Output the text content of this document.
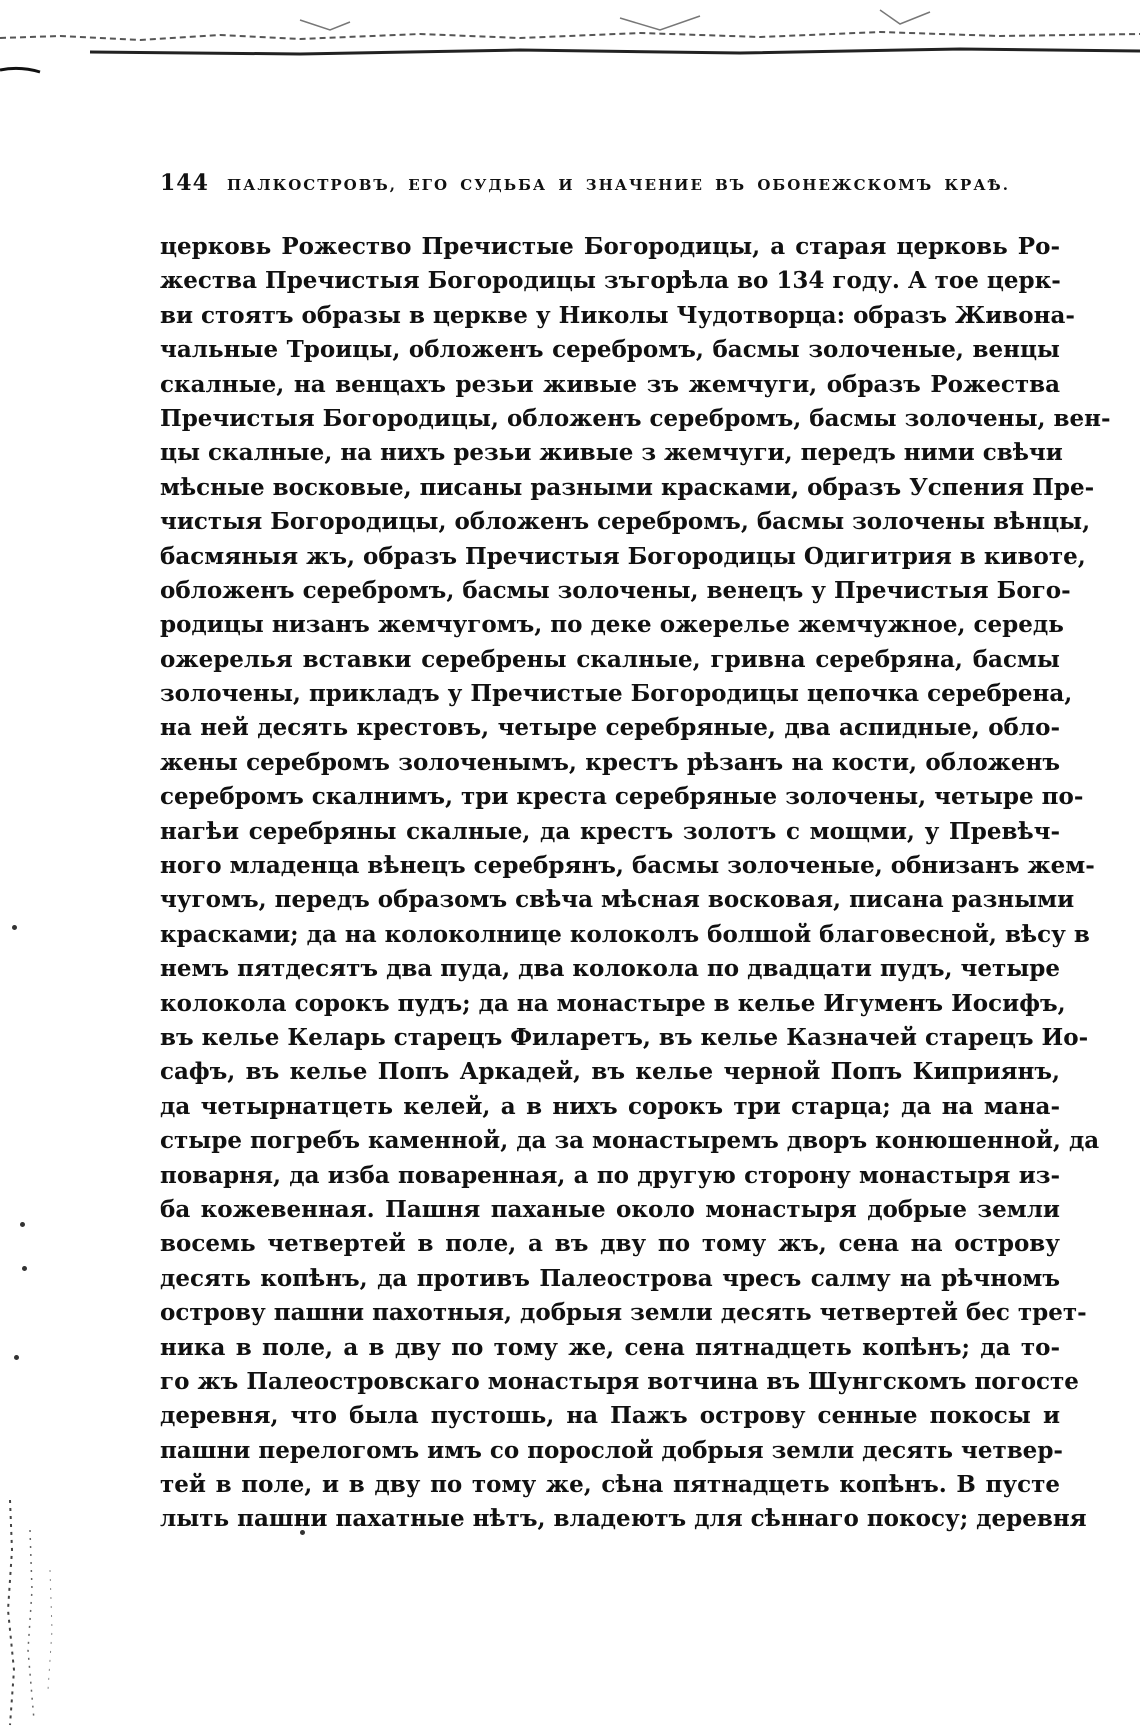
144 ПАЛКОСТРОВЪ, ЕГО СУДЬБА И ЗНАЧЕНИЕ ВЪ ОБОНЕЖСКОМЪ КРАѢ.
церковь Рожество Пречистые Богородицы, а старая церковь Ро-
жества Пречистыя Богородицы зъгорѣла во 134 году. А тое церк-
ви стоятъ образы в церкве у Николы Чудотворца: образъ Живона-
чальные Троицы, обложенъ серебромъ, басмы золоченые, венцы
скалные, на венцахъ резьи живые зъ жемчуги, образъ Рожества
Пречистыя Богородицы, обложенъ серебромъ, басмы золочены, вен-
цы скалные, на нихъ резьи живые з жемчуги, передъ ними свѣчи
мѣсные восковые, писаны разными красками, образъ Успения Пре-
чистыя Богородицы, обложенъ серебромъ, басмы золочены вѣнцы,
басмяныя жъ, образъ Пречистыя Богородицы Одигитрия в кивоте,
обложенъ серебромъ, басмы золочены, венецъ у Пречистыя Бого-
родицы низанъ жемчугомъ, по деке ожерелье жемчужное, середь
ожерелья вставки серебрены скалные, гривна серебряна, басмы
золочены, прикладъ у Пречистые Богородицы цепочка серебрена,
на ней десять крестовъ, четыре серебряные, два аспидные, обло-
жены серебромъ золоченымъ, крестъ рѣзанъ на кости, обложенъ
серебромъ скалнимъ, три креста серебряные золочены, четыре по-
нагѣи серебряны скалные, да крестъ золотъ с мощми, у Превѣч-
ного младенца вѣнецъ серебрянъ, басмы золоченые, обнизанъ жем-
чугомъ, передъ образомъ свѣча мѣсная восковая, писана разными
красками; да на колоколнице колоколъ болшой благовесной, вѣсу в
немъ пятдесятъ два пуда, два колокола по двадцати пудъ, четыре
колокола сорокъ пудъ; да на монастыре в келье Игуменъ Иосифъ,
въ келье Келарь старецъ Филаретъ, въ келье Казначей старецъ Ио-
сафъ, въ келье Попъ Аркадей, въ келье черной Попъ Киприянъ,
да четырнатцеть келей, а в нихъ сорокъ три старца; да на мана-
стыре погребъ каменной, да за монастыремъ дворъ конюшенной, да
поварня, да изба поваренная, а по другую сторону монастыря из-
ба кожевенная. Пашня паханые около монастыря добрые земли
восемь четвертей в поле, а въ дву по тому жъ, сена на острову
десять копѣнъ, да противъ Палеострова чресъ салму на рѣчномъ
острову пашни пахотныя, добрыя земли десять четвертей бес трет-
ника в поле, а в дву по тому же, сена пятнадцеть копѣнъ; да то-
го жъ Палеостровскаго монастыря вотчина въ Шунгскомъ погосте
деревня, что была пустошь, на Пажъ острову сенные покосы и
пашни перелогомъ имъ со порослой добрыя земли десять четвер-
тей в поле, и в дву по тому же, сѣна пятнадцеть копѣнъ. В пусте
лыть пашни пахатные нѣтъ, владеютъ для сѣннаго покосу; деревня
